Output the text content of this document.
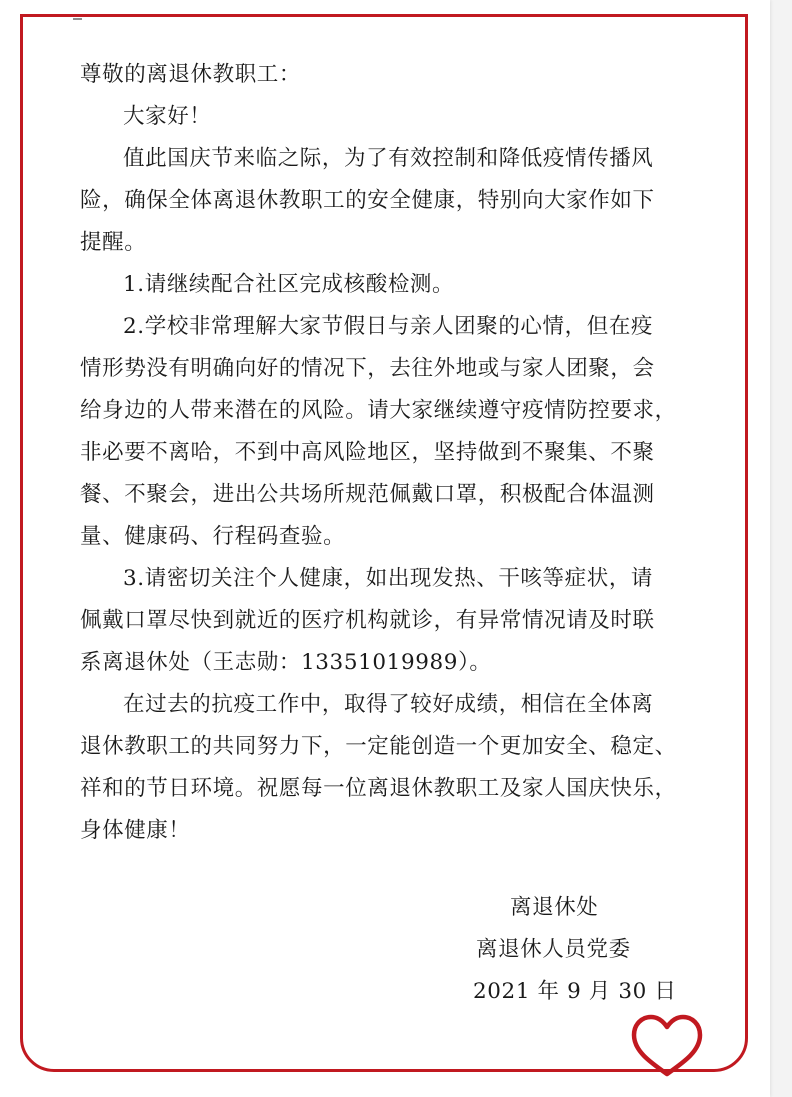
尊敬的离退休教职工：
大家好！
值此国庆节来临之际，为了有效控制和降低疫情传播风
险，确保全体离退休教职工的安全健康，特别向大家作如下
提醒。
1.请继续配合社区完成核酸检测。
2.学校非常理解大家节假日与亲人团聚的心情，但在疫
情形势没有明确向好的情况下，去往外地或与家人团聚，会
给身边的人带来潜在的风险。请大家继续遵守疫情防控要求，
非必要不离哈，不到中高风险地区，坚持做到不聚集、不聚
餐、不聚会，进出公共场所规范佩戴口罩，积极配合体温测
量、健康码、行程码查验。
3.请密切关注个人健康，如出现发热、干咳等症状，请
佩戴口罩尽快到就近的医疗机构就诊，有异常情况请及时联
系离退休处（王志勋：13351019989）。
在过去的抗疫工作中，取得了较好成绩，相信在全体离
退休教职工的共同努力下，一定能创造一个更加安全、稳定、
祥和的节日环境。祝愿每一位离退休教职工及家人国庆快乐，
身体健康！
离退休处
离退休人员党委
2021 年 9 月 30 日
